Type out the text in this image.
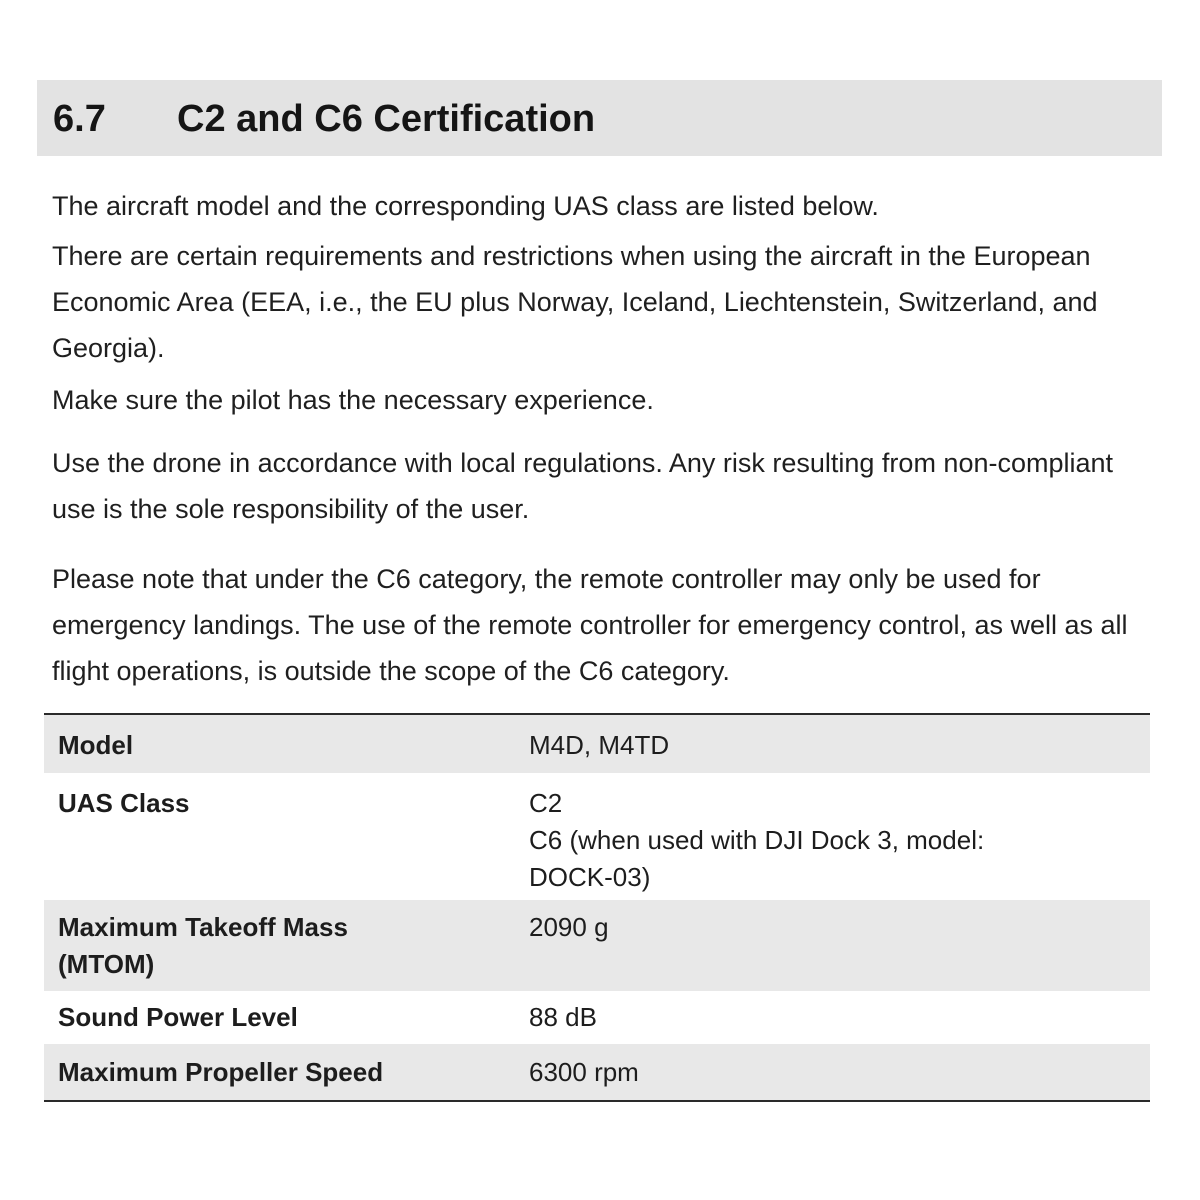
6.7 C2 and C6 Certification

The aircraft model and the corresponding UAS class are listed below.

There are certain requirements and restrictions when using the aircraft in the European Economic Area (EEA, i.e., the EU plus Norway, Iceland, Liechtenstein, Switzerland, and Georgia).

Make sure the pilot has the necessary experience.

Use the drone in accordance with local regulations. Any risk resulting from non-compliant use is the sole responsibility of the user.

Please note that under the C6 category, the remote controller may only be used for emergency landings. The use of the remote controller for emergency control, as well as all flight operations, is outside the scope of the C6 category.

Model	M4D, M4TD

UAS Class	C2
C6 (when used with DJI Dock 3, model:
DOCK-03)

Maximum Takeoff Mass
(MTOM)	2090 g

Sound Power Level	88 dB

Maximum Propeller Speed	6300 rpm
